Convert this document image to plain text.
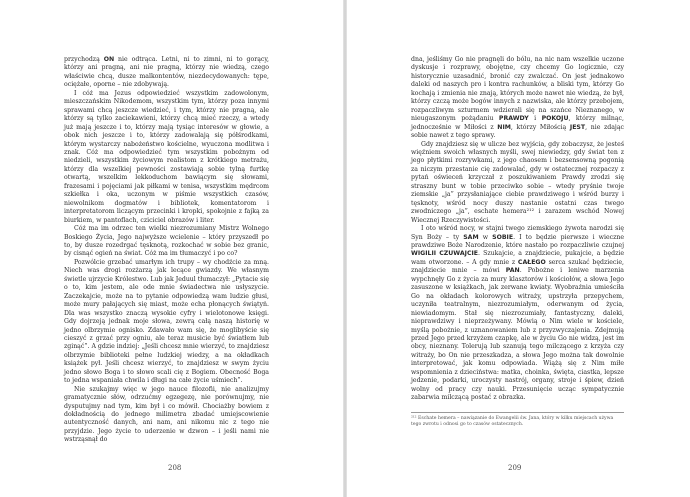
przychodzą ON nie odtrąca. Letni, ni to zimni, ni to gorący, którzy ani pragną, ani nie pragną, którzy nie wiedzą, czego właściwie chcą, dusze malkontentów, niezdecydowanych: tępe, ociężałe, oporne – nie zdobywają.

I cóż ma Jezus odpowiedzieć wszystkim zadowolonym, mieszczańskim Nikodemom, wszystkim tym, którzy poza innymi sprawami chcą jeszcze wiedzieć, i tym, którzy nie pragną, ale którzy są tylko zaciekawieni, którzy chcą mieć rzeczy, a wtedy już mają jeszcze i to, którzy mają tysiąc interesów w głowie, a obok nich jeszcze i to, którzy zadowalają się półśrodkami, którym wystarczy nabożeństwo kościelne, wyuczona modlitwa i znak. Cóż ma odpowiedzieć tym wszystkim pobożnym od niedzieli, wszystkim życiowym realistom z krótkiego metrażu, którzy dla wszelkiej pewności zostawiają sobie tylną furtkę otwartą, wszelkim lekkoduchom bawiącym się słowami, frazesami i pojęciami jak piłkami w tenisa, wszystkim mędrcom szkiełka i oka, uczonym w piśmie wszystkich czasów, niewolnikom dogmatów i bibliotek, komentatorom i interpretatorom liczącym przecinki i kropki, spokojnie z fajką za biurkiem, w pantoflach, cziciciel obrazów i liter.

Cóż ma im odrzec ten wielki niezrozumiany Mistrz Wolnego Boskiego Życia, Jego najwyższe wcielenie – który przyszedł po to, by dusze rozedrgać tęsknotą, rozkochać w sobie bez granic, by cisnąć ogień na świat. Cóż ma im tłumaczyć i po co?

Pozwólcie grzebać umarłym ich trupy – wy chodźcie za mną. Niech was drogi rozżarzą jak lecące gwiazdy. We własnym świetle ujrzycie Królestwo. Lub jak Jeduul tłumaczył: „Pytacie się o to, kim jestem, ale ode mnie świadectwa nie usłyszycie. Zaczekajcie, może na to pytanie odpowiedzą wam ludzie głusi, może mury pałających się miast, może echa płonących świątyń. Dla was wszystko znaczą wysokie cyfry i wielotonowe księgi. Gdy dojrzeją jednak moje słowa, zewrą całą naszą historię w jedno olbrzymie ognisko. Zdawało wam się, że moglibyście się cieszyć z grzać przy ogniu, ale teraz musicie być światłem lub zginąć”. A gdzie indziej: „Jeśli chcesz mnie wierzyć, to znajdziesz olbrzymie biblioteki pełne ludzkiej wiedzy, a na okładkach książek pył. Jeśli chcesz wierzyć, to znajdziesz w swym życiu jedno słowo Boga i to słowo scali cię z Bogiem. Obecność Boga to jedna wspaniała chwila i długi na całe życie uśmiech”.

Nie szukajmy więc w jego nauce filozofii, nie analizujmy gramatycznie słów, odrzućmy egzegezę, nie porównujmy, nie dysputujmy nad tym, kim był i co mówił. Chociażby bowiem z dokładnością do jednego milimetra zbadać umiejscowienie autentyczność danych, ani nam, ani nikomu nic z tego nie przyjdzie. Jego życie to uderzenie w dzwon – i jeśli nami nie wstrząsnął do

208

dna, jeśliśmy Go nie pragnęli do bólu, na nic nam wszelkie uczone dyskusje i rozprawy, obojętne, czy chcemy Go logicznie, czy historycznie uzasadnić, bronić czy zwalczać. On jest jednakowo daleki od naszych pro i kontra rachunków, a bliski tym, którzy Go kochają i zmienia nie znają, których może nawet nie wiedzą, że był, którzy czczą może bogów innych z nazwiska, ale którzy przebojem, rozpaczliwym szturmem wdzierali się na szańce Nieznanego, w nieugaszonym pożądaniu PRAWDY i POKOJU, którzy milnąc, jednocześnie w Miłości z NIM, którzy Miłością JEST, nie zdając sobie nawet z tego sprawy.

Gdy znajdziesz się w ulicze bez wyjścia, gdy zobaczysz, że jesteś więźniem swoich własnych myśli, swej niewiedzy, gdy świat ten z jego płytkimi rozrywkami, z jego chaosem i bezsensowną pogonią za niczym przestanie cię zadowalać, gdy w ostatecznej rozpaczy z pytań oświeceń krzyczał z poszukiwaniem Prawdy zrodzi się straszny bunt w tobie przeciwko sobie – wtedy pryśnie twoje ziemskie „ja” przysłaniające ciebie prawdziwego i wśród burzy i tęsknoty, wśród nocy duszy nastanie ostatni czas twego zwodniczego „ja”, eschate hemera²¹² i zarazem wschód Nowej Wiecznej Rzeczywistości.

I oto wśród nocy, w stajni twego ziemskiego żywota narodzi się Syn Boży – ty SAM w SOBIE. I to będzie pierwsze i wieczne prawdziwe Boże Narodzenie, które nastało po rozpaczliwie czujnej WIGILII CZUWAJCIE. Szukajcie, a znajdziecie, pukajcie, a będzie wam otworzone. – A gdy mnie z CAŁEGO serca szukać będziecie, znajdziecie mnie – mówi PAN. Pobożne i leniwe marzenia wypchnęły Go z życia za mury klasztorów i kościołów, a słowa Jego zasuszone w książkach, jak zerwane kwiaty. Wyobraźnia umieściła Go na okładach kolorowych witraży, upstrzyła przepychem, uczyniła teatralnym, niezrozumiałym, oderwanym od życia, niewiadomym. Stał się niezrozumiały, fantastyczny, daleki, nieprawdziwy i nieprzeżywany. Mówią o Nim wiele w kościele, myślą pobożnie, z uznanowaniem lub z przyzwyczajenia. Zdejmują przed Jego przed krzyżem czapkę, ale w życiu Go nie widzą, jest im obcy, nieznany. Tolerują lub szanują tego milczącego z krzyża czy witraży, bo On nie przeszkadza, a słowa Jego można tak dowolnie interpretować, jak komu odpowiada. Wiążą się z Nim miłe wspomnienia z dzieciństwa: matka, choinka, święta, ciastka, lepsze jedzenie, podarki, uroczysty nastrój, organy, stroje i śpiew, dzień wolny od pracy czy nauki. Przesunięcie ucząc sympatycznie zabarwia milczącą postać z obrazka.

²¹² Eschate hemera – nawiązanie do Ewangelii św. Jana, który w kilku miejscach używa tego zwrotu i odnosi go to czasów ostatecznych.
209
